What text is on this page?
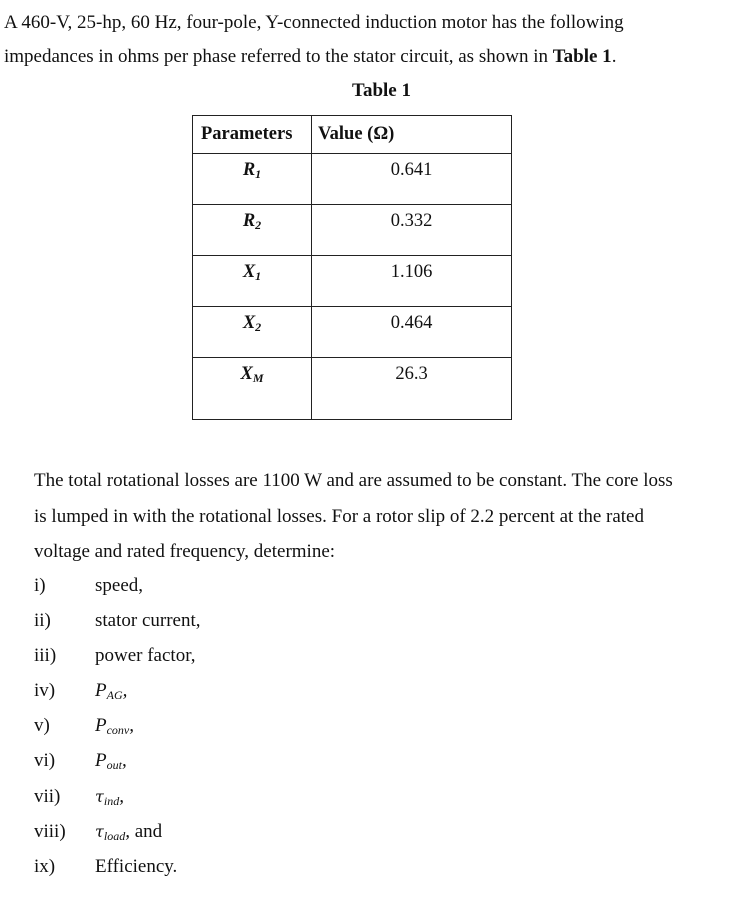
A 460-V, 25-hp, 60 Hz, four-pole, Y-connected induction motor has the following
impedances in ohms per phase referred to the stator circuit, as shown in Table 1.
Table 1
Parameters	Value (Ω)
$R_1$	0.641
$R_2$	0.332
$X_1$	1.106
$X_2$	0.464
$X_M$	26.3
The total rotational losses are 1100 W and are assumed to be constant. The core loss
is lumped in with the rotational losses. For a rotor slip of 2.2 percent at the rated
voltage and rated frequency, determine:
i)	speed,
ii) stator current,
iii) power factor,
iv) $P_{AG}$,
v) $P_{conv}$,
vi) $P_{out}$,
vii) $\tau_{ind}$,
viii) $\tau_{load}$, and
ix) Efficiency.
